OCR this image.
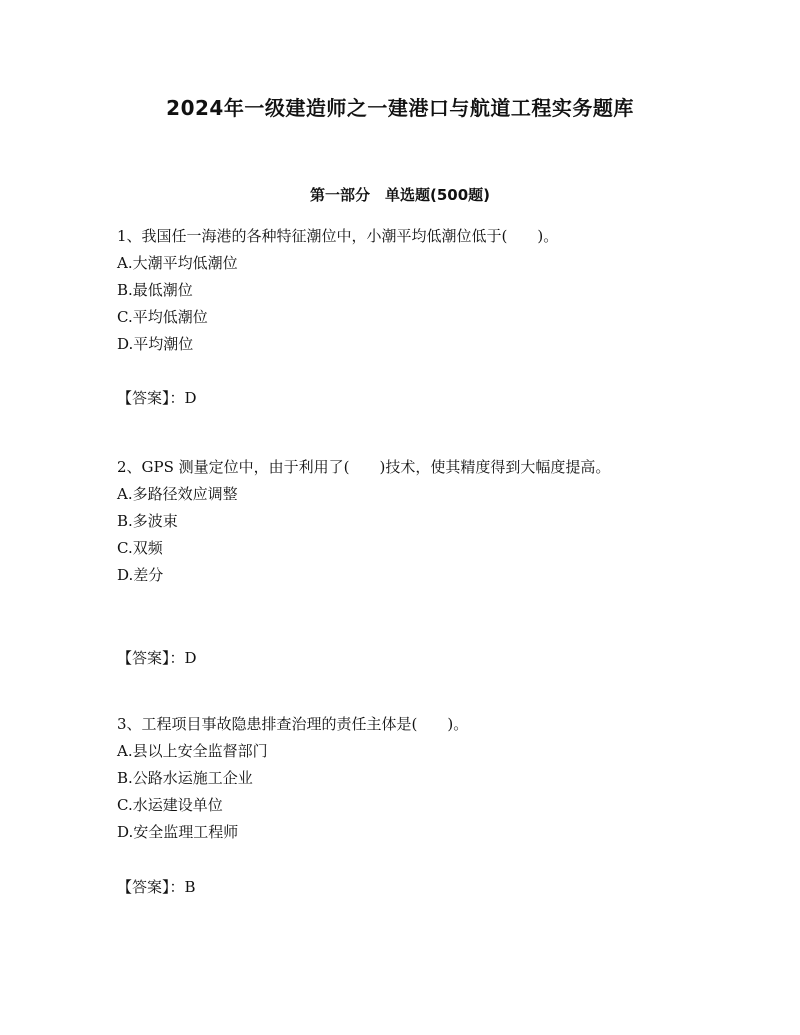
2024年一级建造师之一建港口与航道工程实务题库
第一部分　单选题(500题)

1、我国任一海港的各种特征潮位中，小潮平均低潮位低于(　　)。

A.大潮平均低潮位

B.最低潮位

C.平均低潮位

D.平均潮位

【答案】：D

2、GPS 测量定位中，由于利用了(　　)技术，使其精度得到大幅度提高。

A.多路径效应调整

B.多波束

C.双频

D.差分

【答案】：D

3、工程项目事故隐患排查治理的责任主体是(　　)。

A.县以上安全监督部门

B.公路水运施工企业

C.水运建设单位

D.安全监理工程师

【答案】：B
